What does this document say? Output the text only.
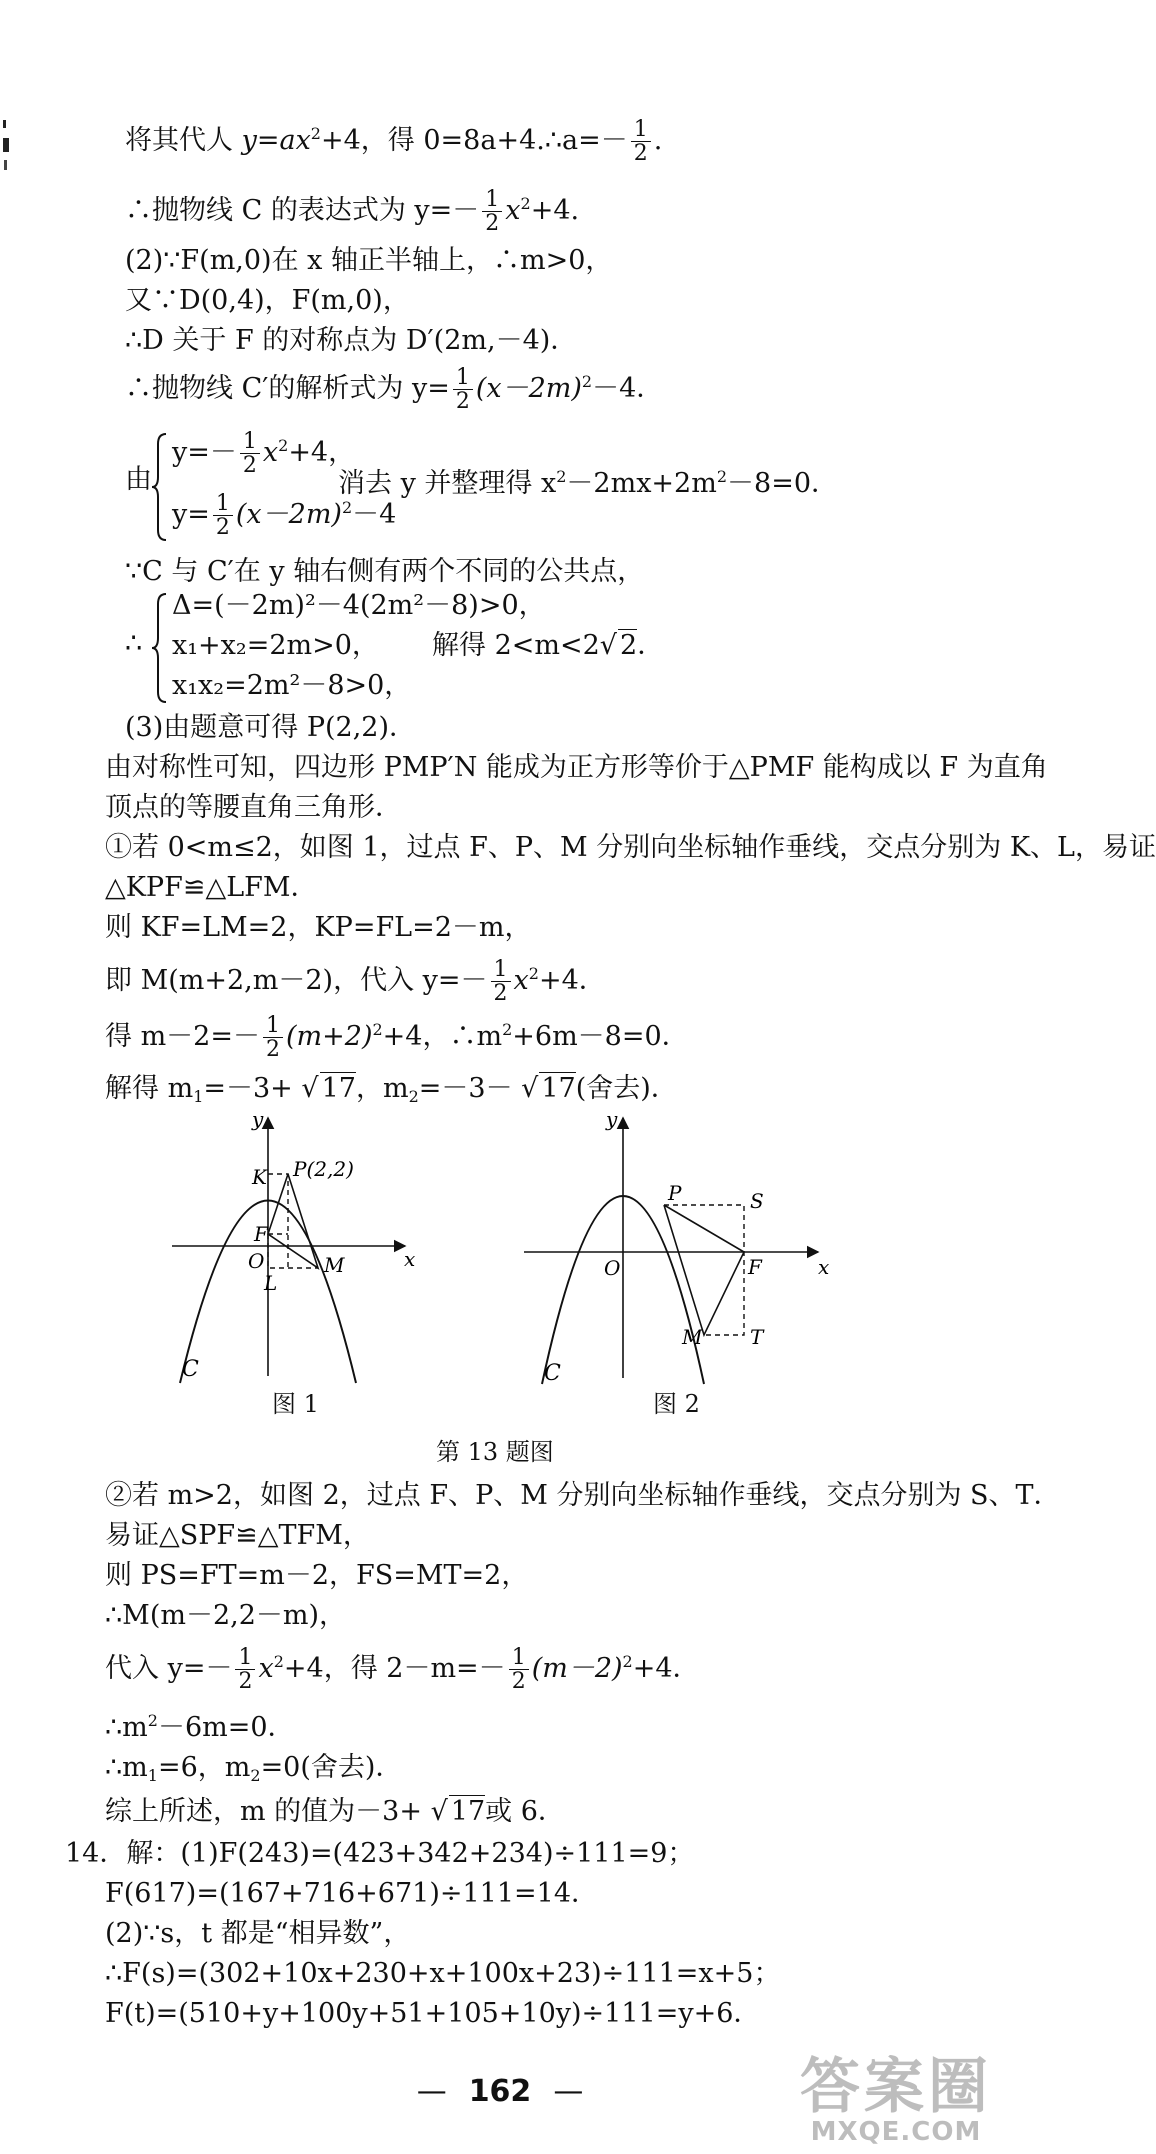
将其代人 $y=ax^2+4$，得 0=8a+4.∴a=－ $\frac{1}{2}$ .
∴抛物线 C 的表达式为 $y=- \frac{1}{2} x^2+4$.
(2)∵F(m,0)在 x 轴正半轴上，∴m>0，
又∵D(0,4)，F(m,0)，
∴D 关于 F 的对称点为 D′(2m,－4)．
∴抛物线 C′的解析式为 $y= \frac{1}{2} (x-2m)^2-4$．
由
$y=- \frac{1}{2} x^2+4$，
$y= \frac{1}{2} (x-2m)^2-4$
消去 y 并整理得 $x^2-2mx+2m^2-8=0$．
∵C 与 C′在 y 轴右侧有两个不同的公共点，
∴
Δ=(－2m)²－4(2m²－8)>0，
x₁+x₂=2m>0，
x₁x₂=2m²－8>0，
解得 2<m<2√ 2．
(3)由题意可得 P(2,2)．
由对称性可知，四边形 PMP′N 能成为正方形等价于△PMF 能构成以 F 为直角
顶点的等腰直角三角形．
①若 0<m≤2，如图 1，过点 F、P、M 分别向坐标轴作垂线，交点分别为 K、L，易证
△KPF≌△LFM．
则 KF=LM=2，KP=FL=2－m，
即 M(m+2,m－2)，代入 $y=- \frac{1}{2} x^2+4$．
得 $m-2=- \frac{1}{2} (m+2)^2+4$，$\therefore m^2+6m-8=0$．
解得 $m_1=-3+$ √ 17，$m_2=-3-$ √ 17(舍去)．
x
y
O
C
K P(2,2)
F
L
M	x
y
O
C
P	S
F
M T
图 1	图 2
第 13 题图
②若 m>2，如图 2，过点 F、P、M 分别向坐标轴作垂线，交点分别为 S、T．
易证△SPF≌△TFM，
则 PS=FT=m－2，FS=MT=2，
∴M(m－2,2－m)，
代入 $y=- \frac{1}{2} x^2+4$，得 $2-m=- \frac{1}{2} (m-2)^2+4$．
$\therefore m^2-6m=0$．
$\therefore m_1=6$，$m_2=0$(舍去)．
综上所述，m 的值为－3+ √ 17或 6．
14．解：(1)F(243)=(423+342+234)÷111=9；
F(617)=(167+716+671)÷111=14．
(2)∵s，t 都是“相异数”，
∴F(s)=(302+10x+230+x+100x+23)÷111=x+5；
F(t)=(510+y+100y+51+105+10y)÷111=y+6．
— 162 —	答案圈
MXQE.COM
